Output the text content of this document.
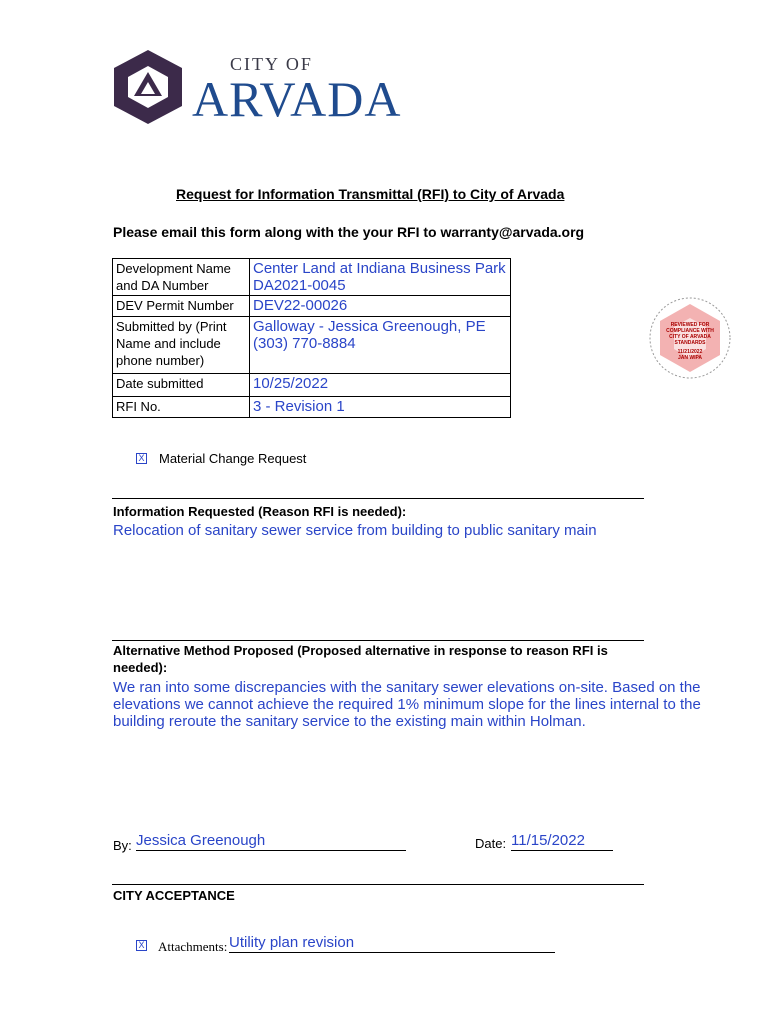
CITY OF
ARVADA
Request for Information Transmittal (RFI) to City of Arvada
Please email this form along with the your RFI to warranty@arvada.org
Development Name and DA Number	Center Land at Indiana Business Park DA2021-0045
DEV Permit Number	DEV22-00026
Submitted by (Print Name and include phone number)	Galloway - Jessica Greenough, PE (303) 770-8884
Date submitted	10/25/2022
RFI No.	3 - Revision 1
REVIEWED FOR
COMPLIANCE WITH
CITY OF ARVADA
STANDARDS
11/21/2022
JAN WIPA
X Material Change Request
Information Requested (Reason RFI is needed):
Relocation of sanitary sewer service from building to public sanitary main
Alternative Method Proposed (Proposed alternative in response to reason RFI is needed):
We ran into some discrepancies with the sanitary sewer elevations on-site. Based on the elevations we cannot achieve the required 1% minimum slope for the lines internal to the building reroute the sanitary service to the existing main within Holman.
By: Jessica Greenough	Date: 11/15/2022
CITY ACCEPTANCE
X Attachments: Utility plan revision
